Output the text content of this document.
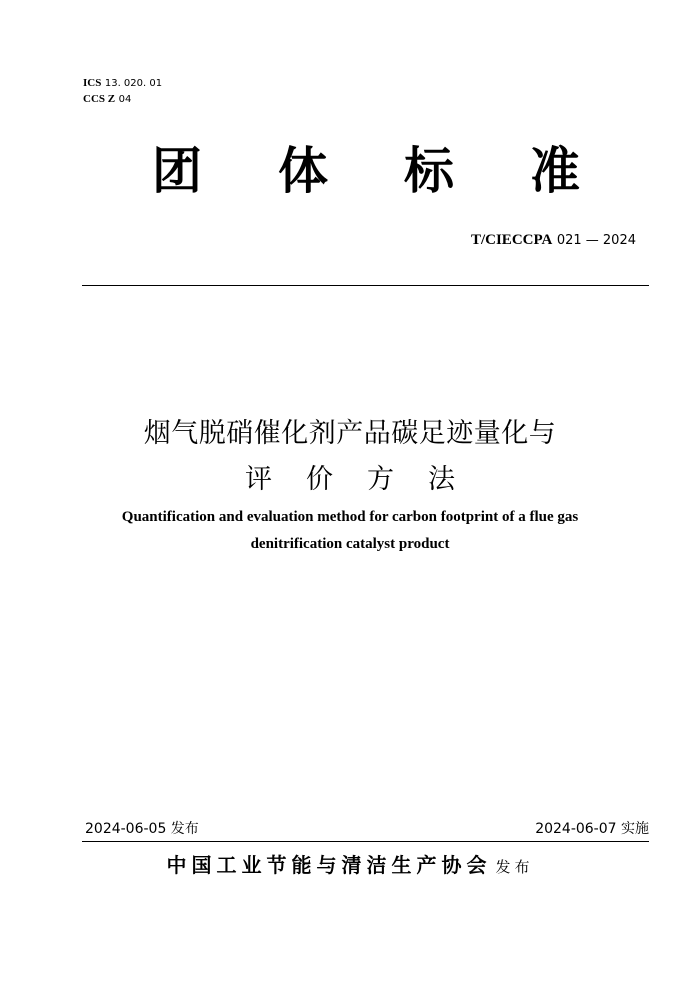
ICS 13. 020. 01
CCS Z 04
团	体	标	准
T/CIECCPA 021 — 2024
烟气脱硝催化剂产品碳足迹量化与
评 价 方 法
Quantification and evaluation method for carbon footprint of a flue gas
denitrification catalyst product
2024-06-05 发布	2024-06-07 实施
中国工业节能与清洁生产协会 发布
